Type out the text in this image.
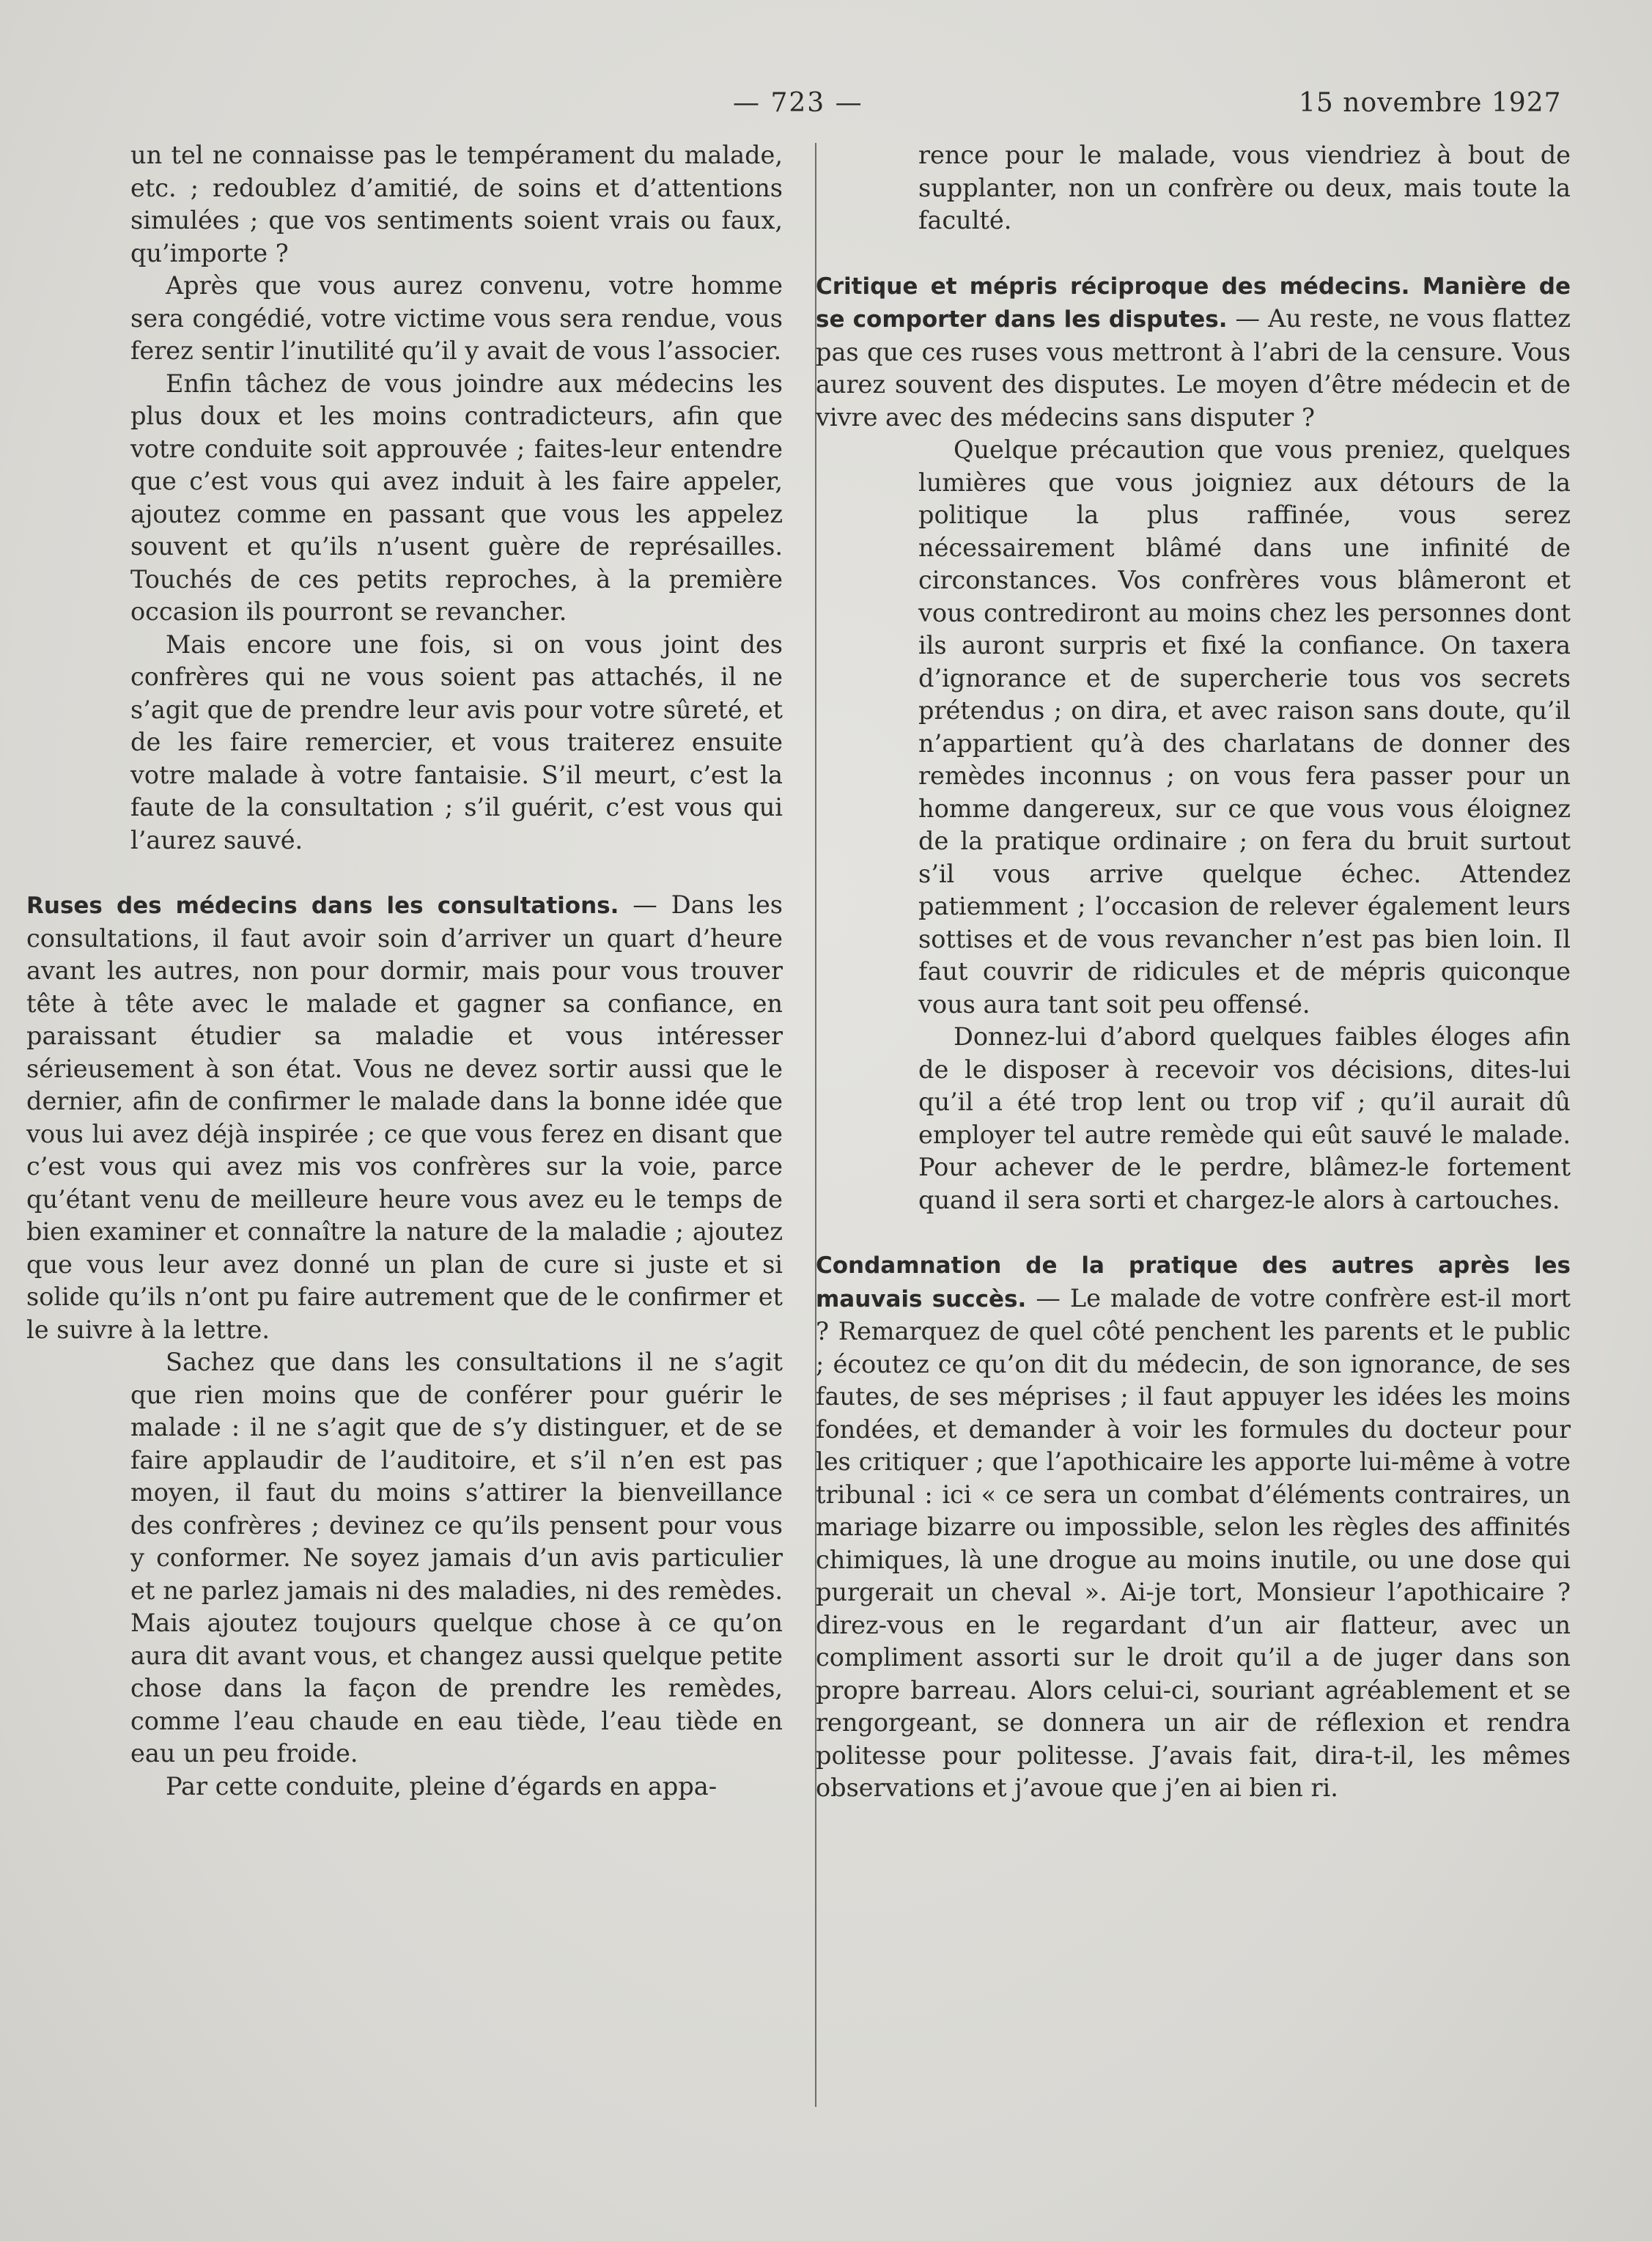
— 723 —	15 novembre 1927

un tel ne connaisse pas le tempérament du malade, etc. ; redoublez d’amitié, de soins et d’attentions simulées ; que vos sentiments soient vrais ou faux, qu’importe ?

Après que vous aurez convenu, votre homme sera congédié, votre victime vous sera rendue, vous ferez sentir l’inutilité qu’il y avait de vous l’associer.

Enfin tâchez de vous joindre aux médecins les plus doux et les moins contradicteurs, afin que votre conduite soit approuvée ; faites-leur entendre que c’est vous qui avez induit à les faire appeler, ajoutez comme en passant que vous les appelez souvent et qu’ils n’usent guère de représailles. Touchés de ces petits reproches, à la première occasion ils pourront se revancher.

Mais encore une fois, si on vous joint des confrères qui ne vous soient pas attachés, il ne s’agit que de prendre leur avis pour votre sûreté, et de les faire remercier, et vous traiterez ensuite votre malade à votre fantaisie. S’il meurt, c’est la faute de la consultation ; s’il guérit, c’est vous qui l’aurez sauvé.

Ruses des médecins dans les consultations. — Dans les consultations, il faut avoir soin d’arriver un quart d’heure avant les autres, non pour dormir, mais pour vous trouver tête à tête avec le malade et gagner sa confiance, en paraissant étudier sa maladie et vous intéresser sérieusement à son état. Vous ne devez sortir aussi que le dernier, afin de confirmer le malade dans la bonne idée que vous lui avez déjà inspirée ; ce que vous ferez en disant que c’est vous qui avez mis vos confrères sur la voie, parce qu’étant venu de meilleure heure vous avez eu le temps de bien examiner et connaître la nature de la maladie ; ajoutez que vous leur avez donné un plan de cure si juste et si solide qu’ils n’ont pu faire autrement que de le confirmer et le suivre à la lettre.

Sachez que dans les consultations il ne s’agit que rien moins que de conférer pour guérir le malade : il ne s’agit que de s’y distinguer, et de se faire applaudir de l’auditoire, et s’il n’en est pas moyen, il faut du moins s’attirer la bienveillance des confrères ; devinez ce qu’ils pensent pour vous y conformer. Ne soyez jamais d’un avis particulier et ne parlez jamais ni des maladies, ni des remèdes. Mais ajoutez toujours quelque chose à ce qu’on aura dit avant vous, et changez aussi quelque petite chose dans la façon de prendre les remèdes, comme l’eau chaude en eau tiède, l’eau tiède en eau un peu froide.

Par cette conduite, pleine d’égards en appa-

rence pour le malade, vous viendriez à bout de supplanter, non un confrère ou deux, mais toute la faculté.

Critique et mépris réciproque des médecins. Manière de se comporter dans les disputes. — Au reste, ne vous flattez pas que ces ruses vous mettront à l’abri de la censure. Vous aurez souvent des disputes. Le moyen d’être médecin et de vivre avec des médecins sans disputer ?

Quelque précaution que vous preniez, quelques lumières que vous joigniez aux détours de la politique la plus raffinée, vous serez nécessairement blâmé dans une infinité de circonstances. Vos confrères vous blâmeront et vous contrediront au moins chez les personnes dont ils auront surpris et fixé la confiance. On taxera d’ignorance et de supercherie tous vos secrets prétendus ; on dira, et avec raison sans doute, qu’il n’appartient qu’à des charlatans de donner des remèdes inconnus ; on vous fera passer pour un homme dangereux, sur ce que vous vous éloignez de la pratique ordinaire ; on fera du bruit surtout s’il vous arrive quelque échec. Attendez patiemment ; l’occasion de relever également leurs sottises et de vous revancher n’est pas bien loin. Il faut couvrir de ridicules et de mépris quiconque vous aura tant soit peu offensé.

Donnez-lui d’abord quelques faibles éloges afin de le disposer à recevoir vos décisions, dites-lui qu’il a été trop lent ou trop vif ; qu’il aurait dû employer tel autre remède qui eût sauvé le malade. Pour achever de le perdre, blâmez-le fortement quand il sera sorti et chargez-le alors à cartouches.

Condamnation de la pratique des autres après les mauvais succès. — Le malade de votre confrère est-il mort ? Remarquez de quel côté penchent les parents et le public ; écoutez ce qu’on dit du médecin, de son ignorance, de ses fautes, de ses méprises ; il faut appuyer les idées les moins fondées, et demander à voir les formules du docteur pour les critiquer ; que l’apothicaire les apporte lui-même à votre tribunal : ici « ce sera un combat d’éléments contraires, un mariage bizarre ou impossible, selon les règles des affinités chimiques, là une drogue au moins inutile, ou une dose qui purgerait un cheval ». Ai-je tort, Monsieur l’apothicaire ? direz-vous en le regardant d’un air flatteur, avec un compliment assorti sur le droit qu’il a de juger dans son propre barreau. Alors celui-ci, souriant agréablement et se rengorgeant, se donnera un air de réflexion et rendra politesse pour politesse. J’avais fait, dira-t-il, les mêmes observations et j’avoue que j’en ai bien ri.
